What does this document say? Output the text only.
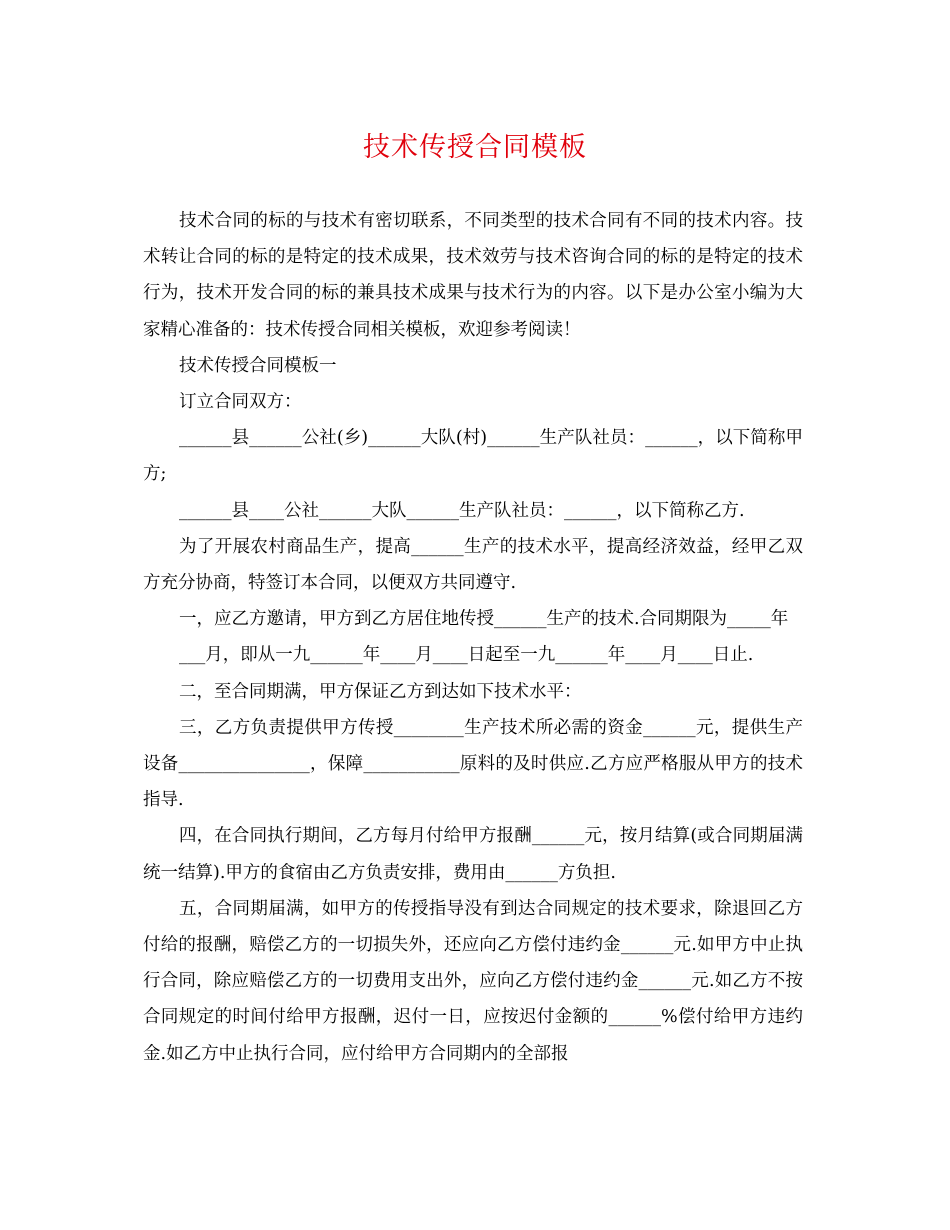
技术传授合同模板

技术合同的标的与技术有密切联系，不同类型的技术合同有不同的技术内容。技术转让合同的标的是特定的技术成果，技术效劳与技术咨询合同的标的是特定的技术行为，技术开发合同的标的兼具技术成果与技术行为的内容。以下是办公室小编为大家精心准备的：技术传授合同相关模板，欢迎参考阅读！

技术传授合同模板一

订立合同双方：

______县______公社(乡)______大队(村)______生产队社员：______，以下简称甲方;

______县____公社______大队______生产队社员：______，以下简称乙方.

为了开展农村商品生产，提高______生产的技术水平，提高经济效益，经甲乙双方充分协商，特签订本合同，以便双方共同遵守.

一，应乙方邀请，甲方到乙方居住地传授______生产的技术.合同期限为_____年

___月，即从一九______年____月____日起至一九______年____月____日止.

二，至合同期满，甲方保证乙方到达如下技术水平：

三，乙方负责提供甲方传授________生产技术所必需的资金______元，提供生产设备_______________，保障___________原料的及时供应.乙方应严格服从甲方的技术指导.

四，在合同执行期间，乙方每月付给甲方报酬______元，按月结算(或合同期届满统一结算).甲方的食宿由乙方负责安排，费用由______方负担.

五，合同期届满，如甲方的传授指导没有到达合同规定的技术要求，除退回乙方付给的报酬，赔偿乙方的一切损失外，还应向乙方偿付违约金______元.如甲方中止执行合同，除应赔偿乙方的一切费用支出外，应向乙方偿付违约金______元.如乙方不按合同规定的时间付给甲方报酬，迟付一日，应按迟付金额的______%偿付给甲方违约金.如乙方中止执行合同，应付给甲方合同期内的全部报
